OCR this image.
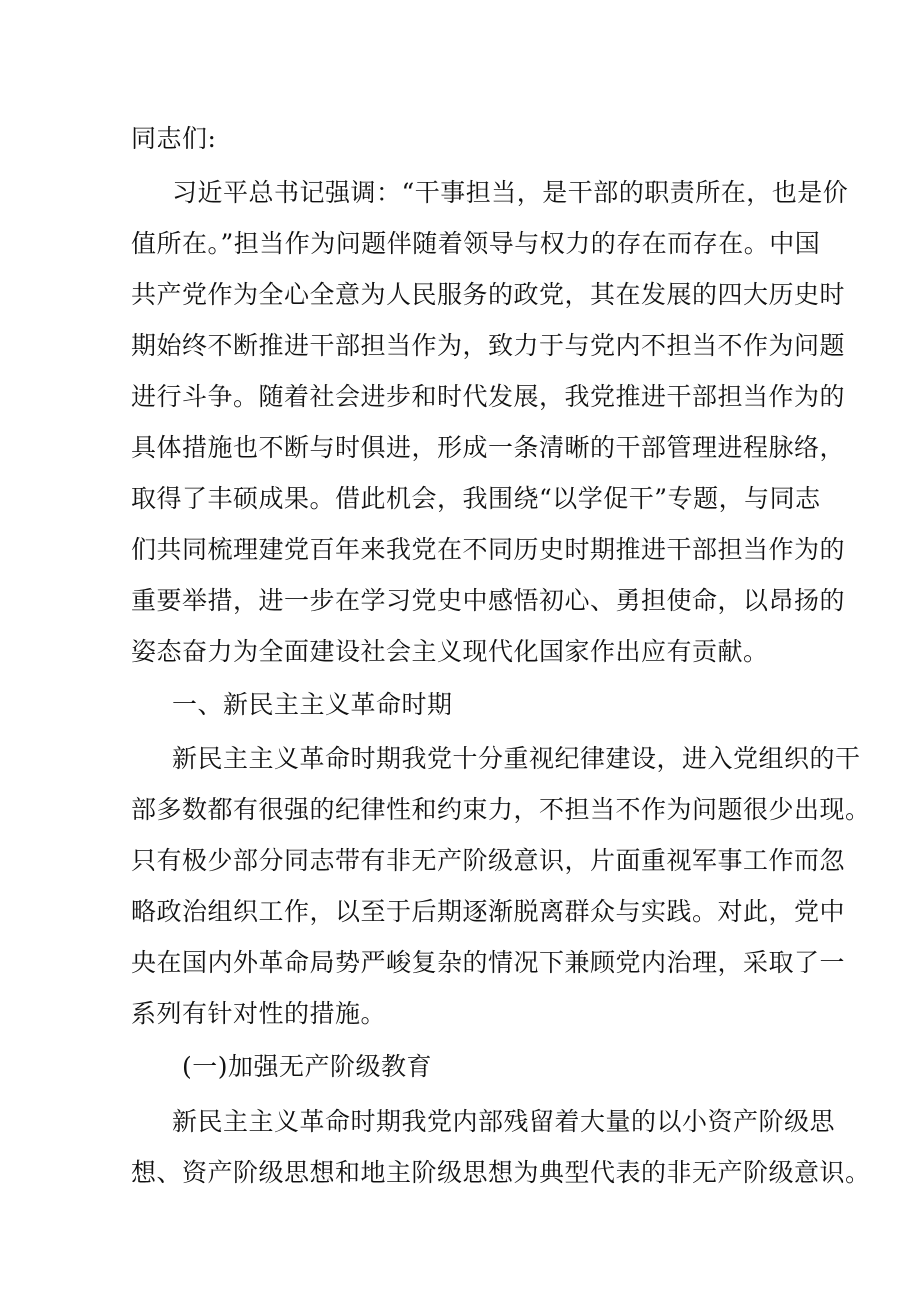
同志们:
习近平总书记强调：“干事担当，是干部的职责所在，也是价
值所在。”担当作为问题伴随着领导与权力的存在而存在。中国
共产党作为全心全意为人民服务的政党，其在发展的四大历史时
期始终不断推进干部担当作为，致力于与党内不担当不作为问题
进行斗争。随着社会进步和时代发展，我党推进干部担当作为的
具体措施也不断与时俱进，形成一条清晰的干部管理进程脉络，
取得了丰硕成果。借此机会，我围绕“以学促干”专题，与同志
们共同梳理建党百年来我党在不同历史时期推进干部担当作为的
重要举措，进一步在学习党史中感悟初心、勇担使命，以昂扬的
姿态奋力为全面建设社会主义现代化国家作出应有贡献。
一、新民主主义革命时期
新民主主义革命时期我党十分重视纪律建设，进入党组织的干
部多数都有很强的纪律性和约束力，不担当不作为问题很少出现。
只有极少部分同志带有非无产阶级意识，片面重视军事工作而忽
略政治组织工作，以至于后期逐渐脱离群众与实践。对此，党中
央在国内外革命局势严峻复杂的情况下兼顾党内治理，采取了一
系列有针对性的措施。
(一)加强无产阶级教育
新民主主义革命时期我党内部残留着大量的以小资产阶级思
想、资产阶级思想和地主阶级思想为典型代表的非无产阶级意识。
